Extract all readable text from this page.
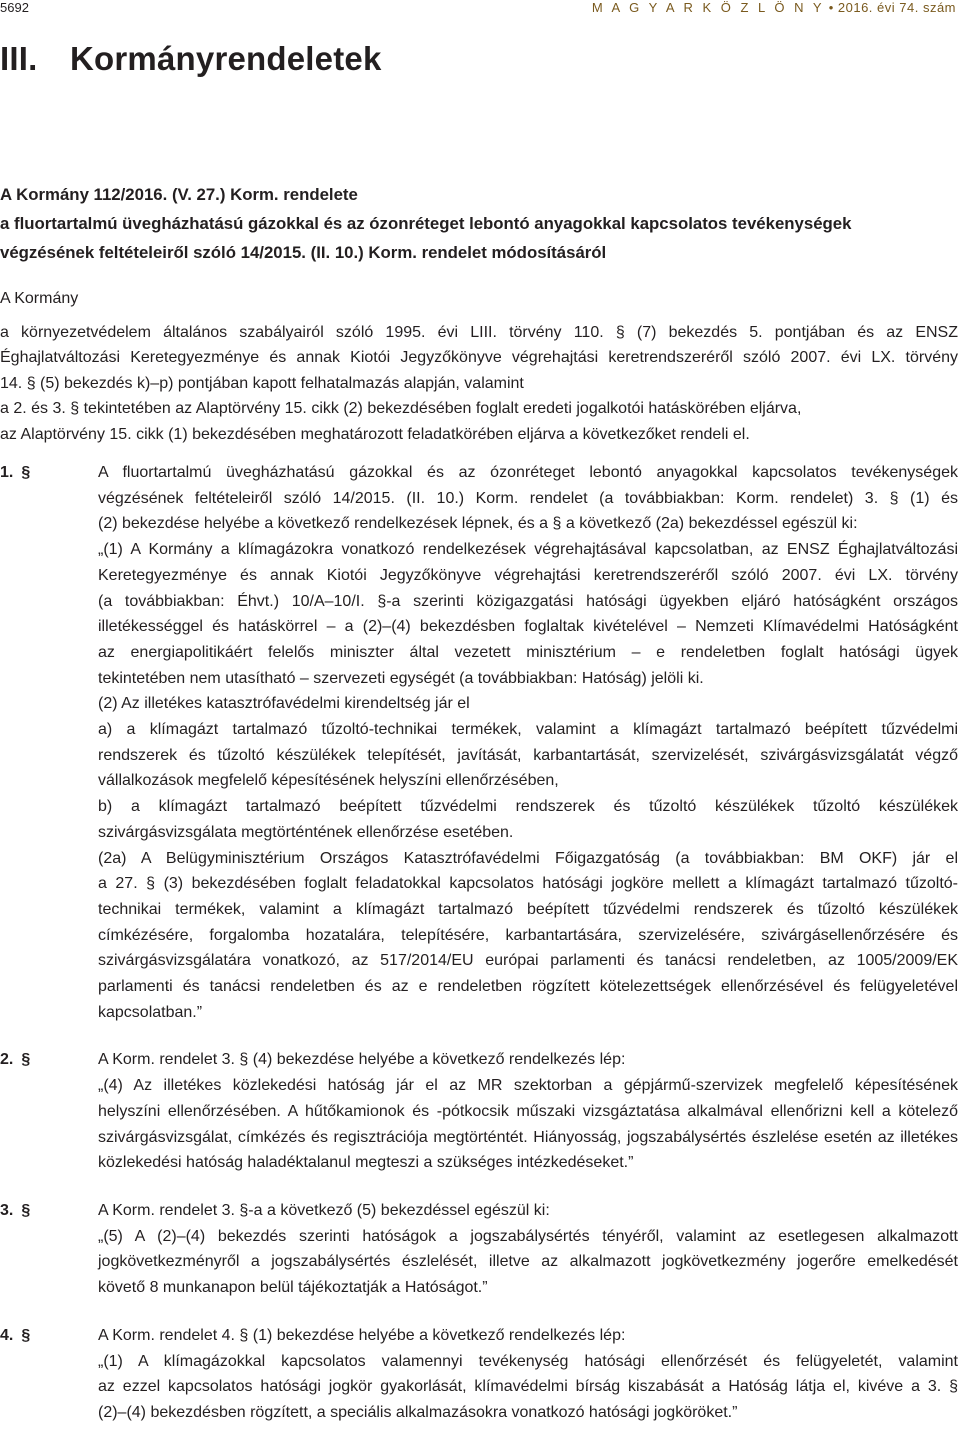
5692	M A G Y A R K Ö Z L Ö N Y • 2016. évi 74. szám
III. Kormányrendeletek
A Kormány 112/2016. (V. 27.) Korm. rendelete
a fluortartalmú üvegházhatású gázokkal és az ózonréteget lebontó anyagokkal kapcsolatos tevékenységek
végzésének feltételeiről szóló 14/2015. (II. 10.) Korm. rendelet módosításáról
A Kormány
a környezetvédelem általános szabályairól szóló 1995. évi LIII. törvény 110. § (7) bekezdés 5. pontjában és az ENSZ
Éghajlatváltozási Keretegyezménye és annak Kiotói Jegyzőkönyve végrehajtási keretrendszeréről szóló 2007. évi LX. törvény
14. § (5) bekezdés k)–p) pontjában kapott felhatalmazás alapján, valamint
a 2. és 3. § tekintetében az Alaptörvény 15. cikk (2) bekezdésében foglalt eredeti jogalkotói hatáskörében eljárva,
az Alaptörvény 15. cikk (1) bekezdésében meghatározott feladatkörében eljárva a következőket rendeli el.
1. §	A fluortartalmú üvegházhatású gázokkal és az ózonréteget lebontó anyagokkal kapcsolatos tevékenységek
végzésének feltételeiről szóló 14/2015. (II. 10.) Korm. rendelet (a továbbiakban: Korm. rendelet) 3. § (1) és
(2) bekezdése helyébe a következő rendelkezések lépnek, és a § a következő (2a) bekezdéssel egészül ki:
„(1) A Kormány a klímagázokra vonatkozó rendelkezések végrehajtásával kapcsolatban, az ENSZ Éghajlatváltozási
Keretegyezménye és annak Kiotói Jegyzőkönyve végrehajtási keretrendszeréről szóló 2007. évi LX. törvény
(a továbbiakban: Éhvt.) 10/A–10/I. §-a szerinti közigazgatási hatósági ügyekben eljáró hatóságként országos
illetékességgel és hatáskörrel – a (2)–(4) bekezdésben foglaltak kivételével – Nemzeti Klímavédelmi Hatóságként
az energiapolitikáért felelős miniszter által vezetett minisztérium – e rendeletben foglalt hatósági ügyek
tekintetében nem utasítható – szervezeti egységét (a továbbiakban: Hatóság) jelöli ki.
(2) Az illetékes katasztrófavédelmi kirendeltség jár el
a) a klímagázt tartalmazó tűzoltó-technikai termékek, valamint a klímagázt tartalmazó beépített tűzvédelmi
rendszerek és tűzoltó készülékek telepítését, javítását, karbantartását, szervizelését, szivárgásvizsgálatát végző
vállalkozások megfelelő képesítésének helyszíni ellenőrzésében,
b) a klímagázt tartalmazó beépített tűzvédelmi rendszerek és tűzoltó készülékek tűzoltó készülékek
szivárgásvizsgálata megtörténtének ellenőrzése esetében.
(2a) A Belügyminisztérium Országos Katasztrófavédelmi Főigazgatóság (a továbbiakban: BM OKF) jár el
a 27. § (3) bekezdésében foglalt feladatokkal kapcsolatos hatósági jogköre mellett a klímagázt tartalmazó tűzoltó-
technikai termékek, valamint a klímagázt tartalmazó beépített tűzvédelmi rendszerek és tűzoltó készülékek
címkézésére, forgalomba hozatalára, telepítésére, karbantartására, szervizelésére, szivárgásellenőrzésére és
szivárgásvizsgálatára vonatkozó, az 517/2014/EU európai parlamenti és tanácsi rendeletben, az 1005/2009/EK
parlamenti és tanácsi rendeletben és az e rendeletben rögzített kötelezettségek ellenőrzésével és felügyeletével
kapcsolatban.”
2. §	A Korm. rendelet 3. § (4) bekezdése helyébe a következő rendelkezés lép:
„(4) Az illetékes közlekedési hatóság jár el az MR szektorban a gépjármű-szervizek megfelelő képesítésének
helyszíni ellenőrzésében. A hűtőkamionok és -pótkocsik műszaki vizsgáztatása alkalmával ellenőrizni kell a kötelező
szivárgásvizsgálat, címkézés és regisztrációja megtörténtét. Hiányosság, jogszabálysértés észlelése esetén az illetékes
közlekedési hatóság haladéktalanul megteszi a szükséges intézkedéseket.”
3. §	A Korm. rendelet 3. §-a a következő (5) bekezdéssel egészül ki:
„(5) A (2)–(4) bekezdés szerinti hatóságok a jogszabálysértés tényéről, valamint az esetlegesen alkalmazott
jogkövetkezményről a jogszabálysértés észlelését, illetve az alkalmazott jogkövetkezmény jogerőre emelkedését
követő 8 munkanapon belül tájékoztatják a Hatóságot.”
4. §	A Korm. rendelet 4. § (1) bekezdése helyébe a következő rendelkezés lép:
„(1) A klímagázokkal kapcsolatos valamennyi tevékenység hatósági ellenőrzését és felügyeletét, valamint
az ezzel kapcsolatos hatósági jogkör gyakorlását, klímavédelmi bírság kiszabását a Hatóság látja el, kivéve a 3. §
(2)–(4) bekezdésben rögzített, a speciális alkalmazásokra vonatkozó hatósági jogköröket.”
